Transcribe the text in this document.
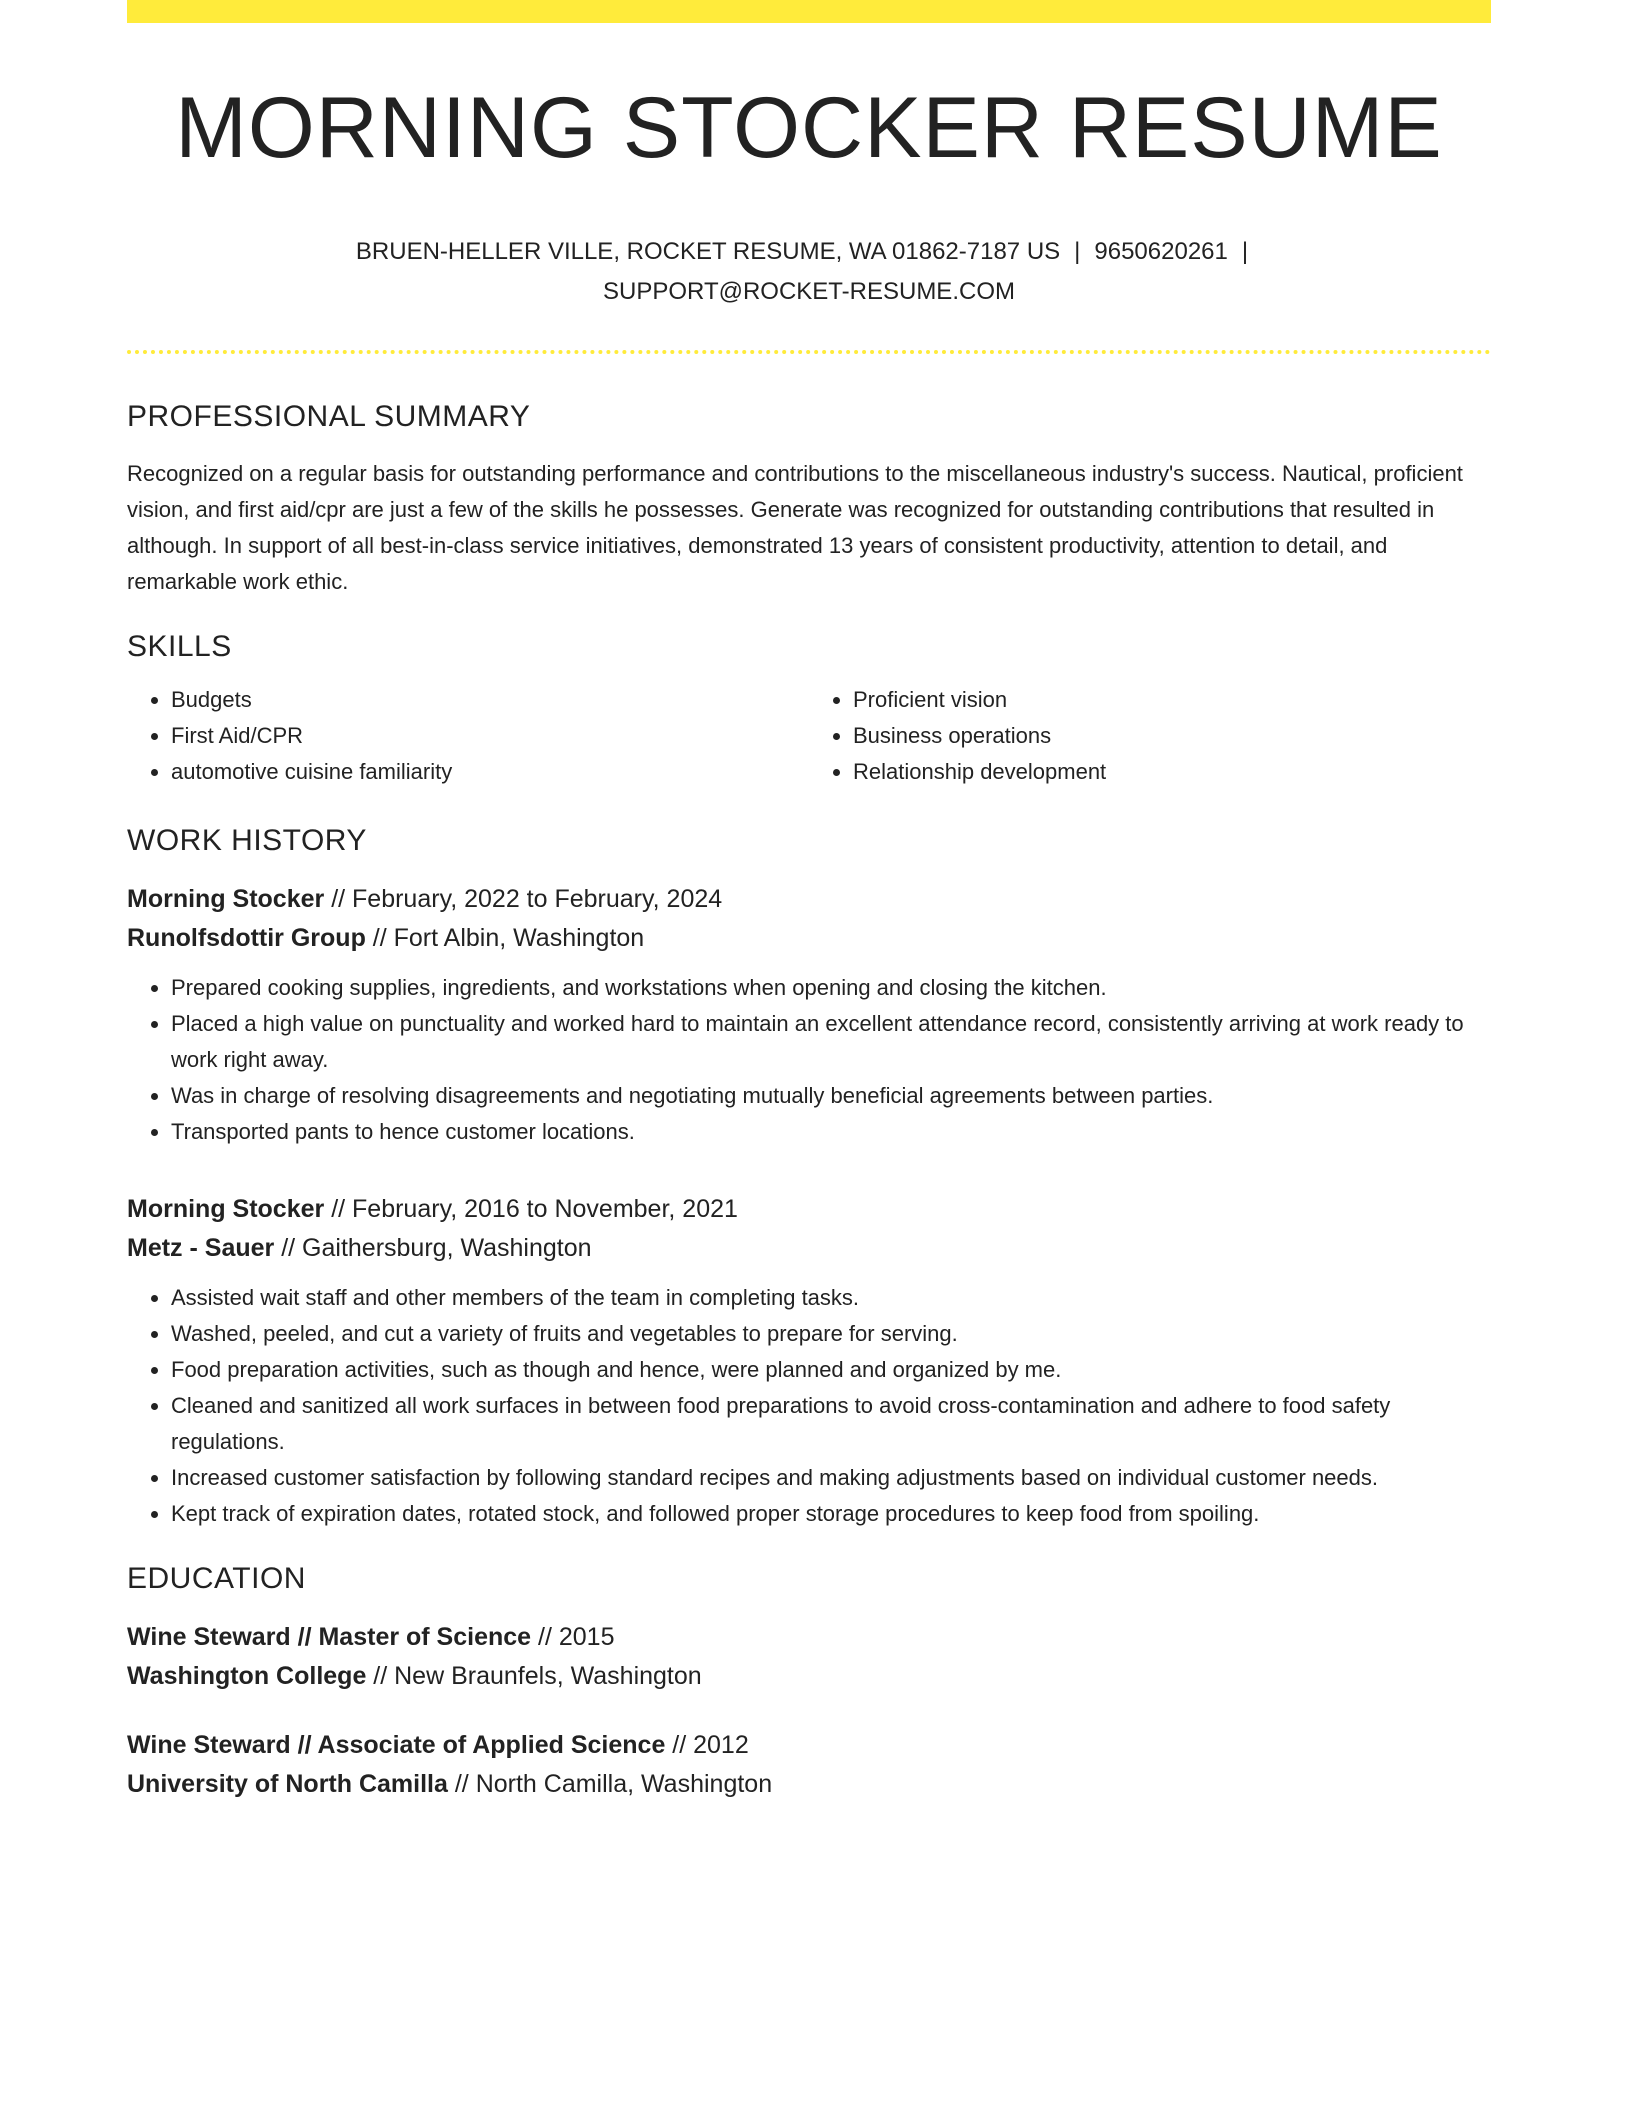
MORNING STOCKER RESUME
BRUEN-HELLER VILLE, ROCKET RESUME, WA 01862-7187 US | 9650620261 |
SUPPORT@ROCKET-RESUME.COM
PROFESSIONAL SUMMARY

Recognized on a regular basis for outstanding performance and contributions to the miscellaneous industry's success. Nautical, proficient vision, and first aid/cpr are just a few of the skills he possesses. Generate was recognized for outstanding contributions that resulted in although. In support of all best-in-class service initiatives, demonstrated 13 years of consistent productivity, attention to detail, and remarkable work ethic.

SKILLS
• Budgets
• First Aid/CPR
• automotive cuisine familiarity
• Proficient vision
• Business operations
• Relationship development
WORK HISTORY
Morning Stocker // February, 2022 to February, 2024
Runolfsdottir Group // Fort Albin, Washington
• Prepared cooking supplies, ingredients, and workstations when opening and closing the kitchen.
• Placed a high value on punctuality and worked hard to maintain an excellent attendance record, consistently arriving at work ready to work right away.
• Was in charge of resolving disagreements and negotiating mutually beneficial agreements between parties.
• Transported pants to hence customer locations.
Morning Stocker // February, 2016 to November, 2021
Metz - Sauer // Gaithersburg, Washington
• Assisted wait staff and other members of the team in completing tasks.
• Washed, peeled, and cut a variety of fruits and vegetables to prepare for serving.
• Food preparation activities, such as though and hence, were planned and organized by me.
• Cleaned and sanitized all work surfaces in between food preparations to avoid cross-contamination and adhere to food safety regulations.
• Increased customer satisfaction by following standard recipes and making adjustments based on individual customer needs.
• Kept track of expiration dates, rotated stock, and followed proper storage procedures to keep food from spoiling.
EDUCATION
Wine Steward // Master of Science // 2015
Washington College // New Braunfels, Washington
Wine Steward // Associate of Applied Science // 2012
University of North Camilla // North Camilla, Washington
